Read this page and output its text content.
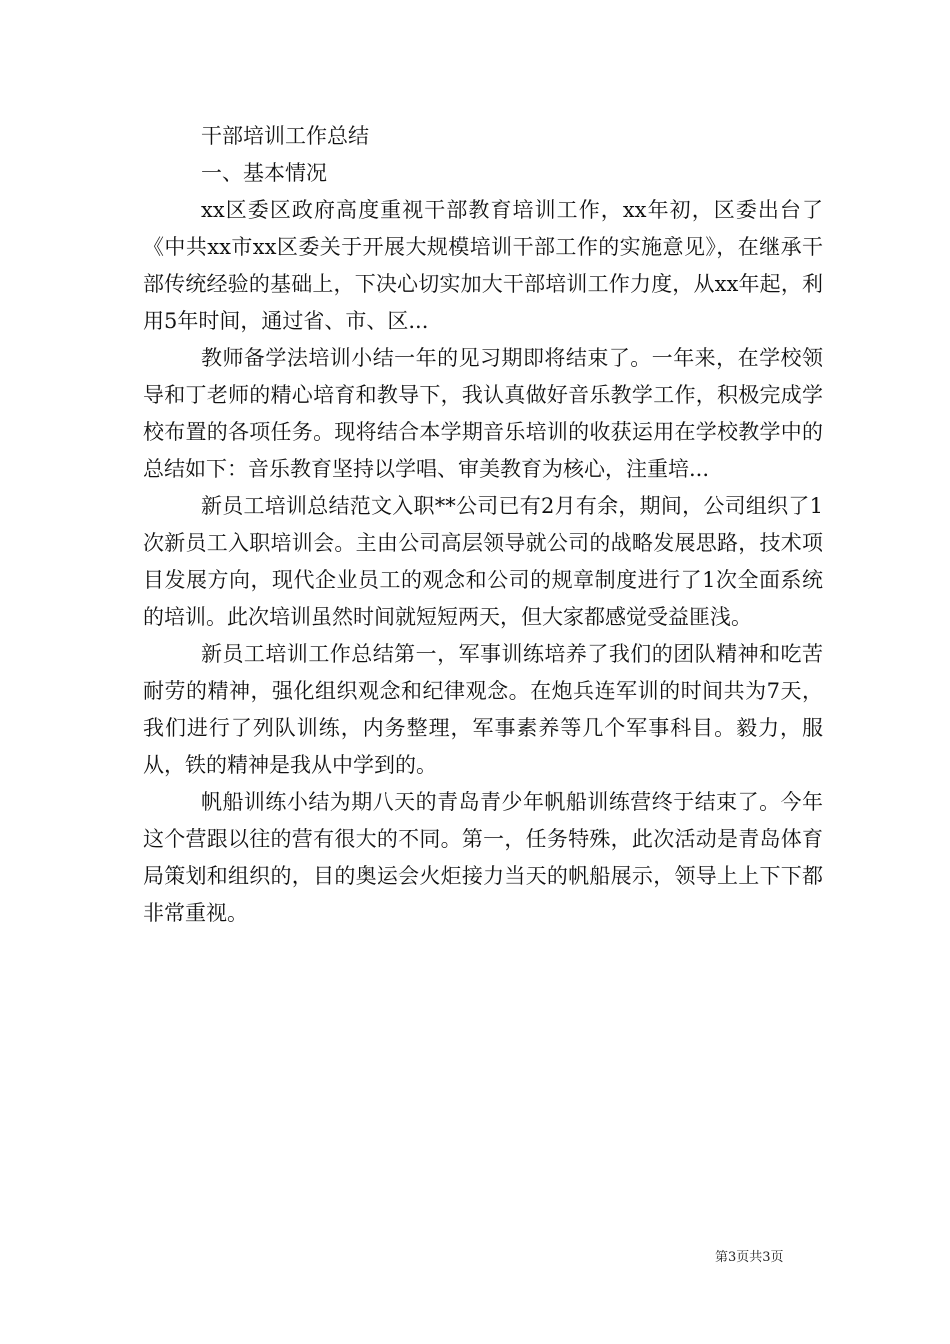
干部培训工作总结

一、基本情况

xx区委区政府高度重视干部教育培训工作，xx年初，区委出台了《中共xx市xx区委关于开展大规模培训干部工作的实施意见》，在继承干部传统经验的基础上，下决心切实加大干部培训工作力度，从xx年起，利用5年时间，通过省、市、区...

教师备学法培训小结一年的见习期即将结束了。一年来，在学校领导和丁老师的精心培育和教导下，我认真做好音乐教学工作，积极完成学校布置的各项任务。现将结合本学期音乐培训的收获运用在学校教学中的总结如下：音乐教育坚持以学唱、审美教育为核心，注重培...

新员工培训总结范文入职**公司已有2月有余，期间，公司组织了1次新员工入职培训会。主由公司高层领导就公司的战略发展思路，技术项目发展方向，现代企业员工的观念和公司的规章制度进行了1次全面系统的培训。此次培训虽然时间就短短两天，但大家都感觉受益匪浅。

新员工培训工作总结第一，军事训练培养了我们的团队精神和吃苦耐劳的精神，强化组织观念和纪律观念。在炮兵连军训的时间共为7天，我们进行了列队训练，内务整理，军事素养等几个军事科目。毅力，服从，铁的精神是我从中学到的。

帆船训练小结为期八天的青岛青少年帆船训练营终于结束了。今年这个营跟以往的营有很大的不同。第一，任务特殊，此次活动是青岛体育局策划和组织的，目的奥运会火炬接力当天的帆船展示，领导上上下下都非常重视。

第3页共3页
